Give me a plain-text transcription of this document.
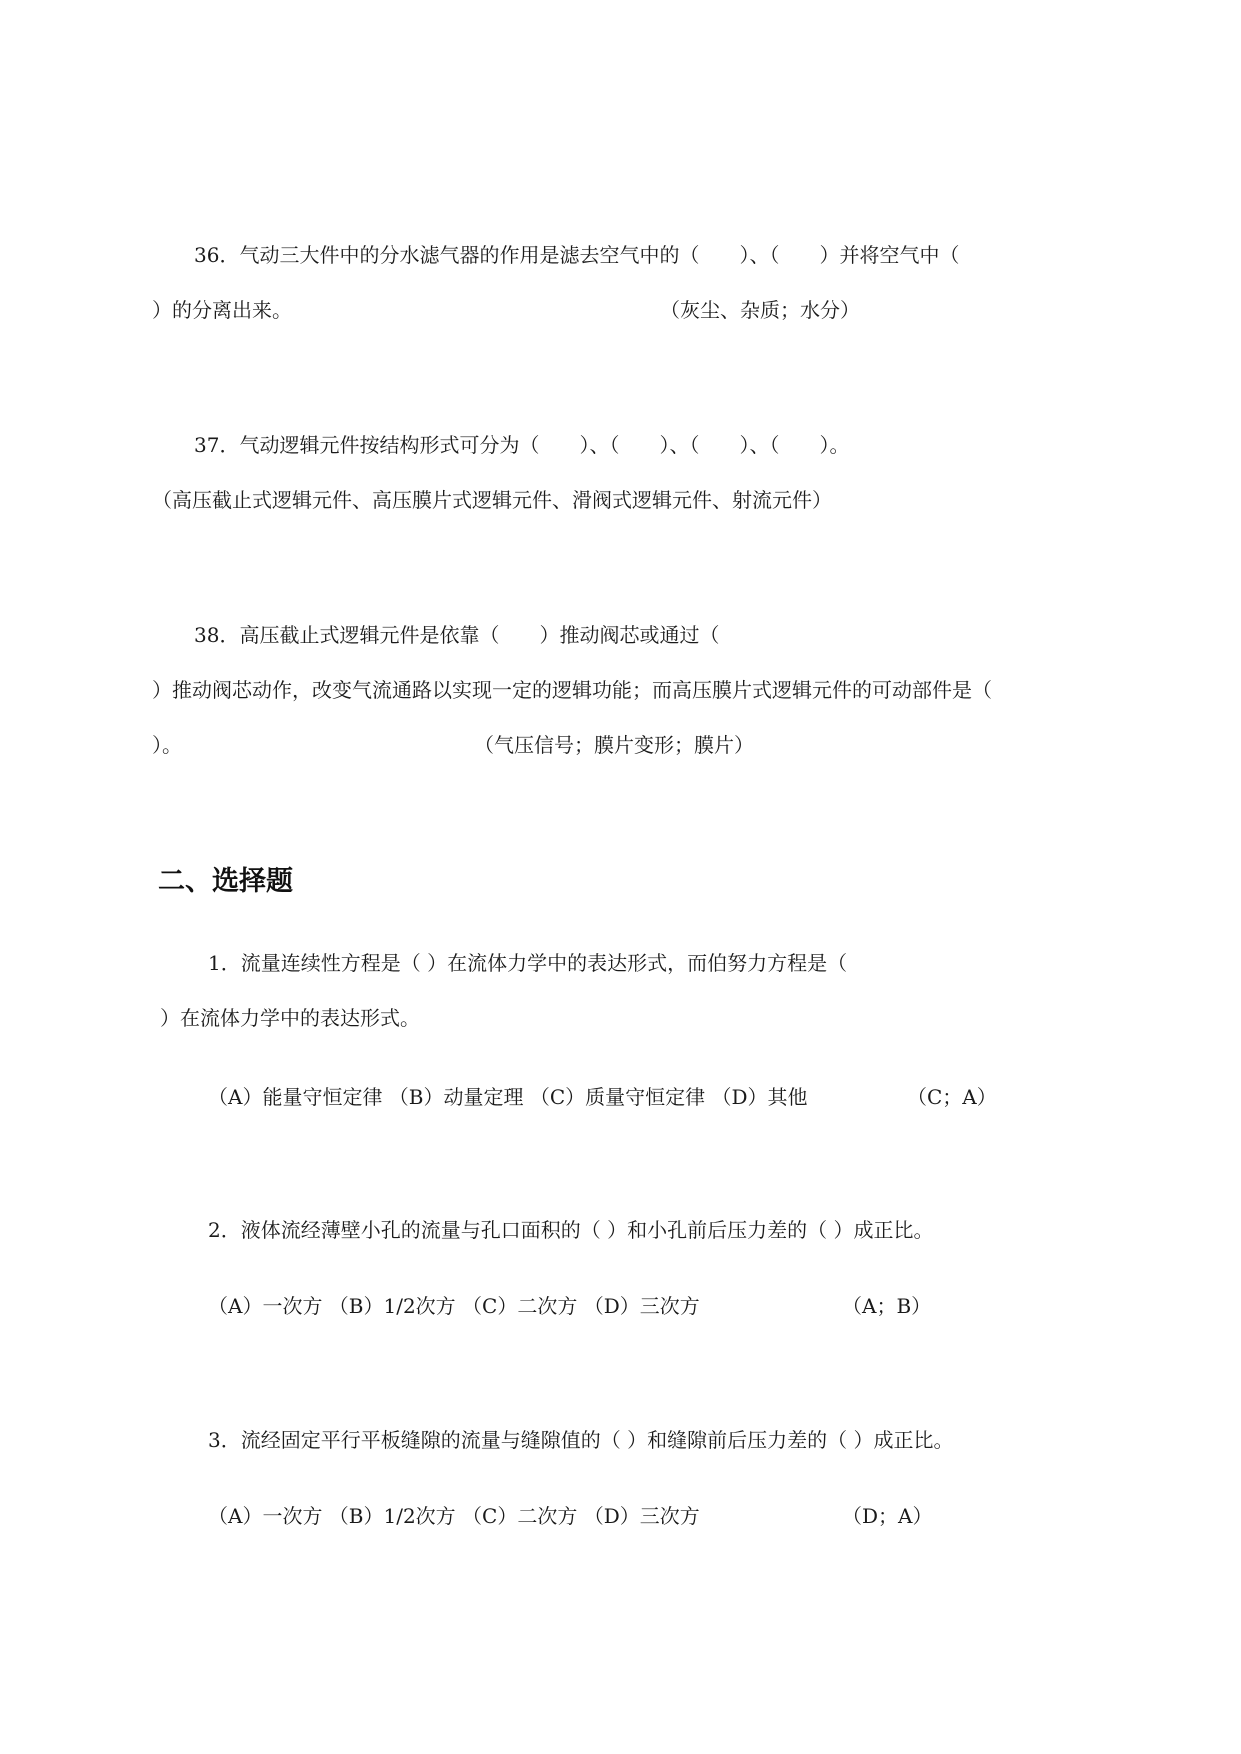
36．气动三大件中的分水滤气器的作用是滤去空气中的（　　）、（　　）并将空气中（
）的分离出来。	（灰尘、杂质；水分）
37．气动逻辑元件按结构形式可分为（　　）、（　　）、（　　）、（　　）。
（高压截止式逻辑元件、高压膜片式逻辑元件、滑阀式逻辑元件、射流元件）
38．高压截止式逻辑元件是依靠（　　）推动阀芯或通过（
）推动阀芯动作，改变气流通路以实现一定的逻辑功能；而高压膜片式逻辑元件的可动部件是（
）。	（气压信号；膜片变形；膜片）
二、选择题
1．流量连续性方程是（ ）在流体力学中的表达形式，而伯努力方程是（
）在流体力学中的表达形式。
（A）能量守恒定律 （B）动量定理 （C）质量守恒定律 （D）其他	（C；A）
2．液体流经薄壁小孔的流量与孔口面积的（ ）和小孔前后压力差的（ ）成正比。
（A）一次方 （B）1/2次方 （C）二次方 （D）三次方	（A；B）
3．流经固定平行平板缝隙的流量与缝隙值的（ ）和缝隙前后压力差的（ ）成正比。
（A）一次方 （B）1/2次方 （C）二次方 （D）三次方	（D；A）
